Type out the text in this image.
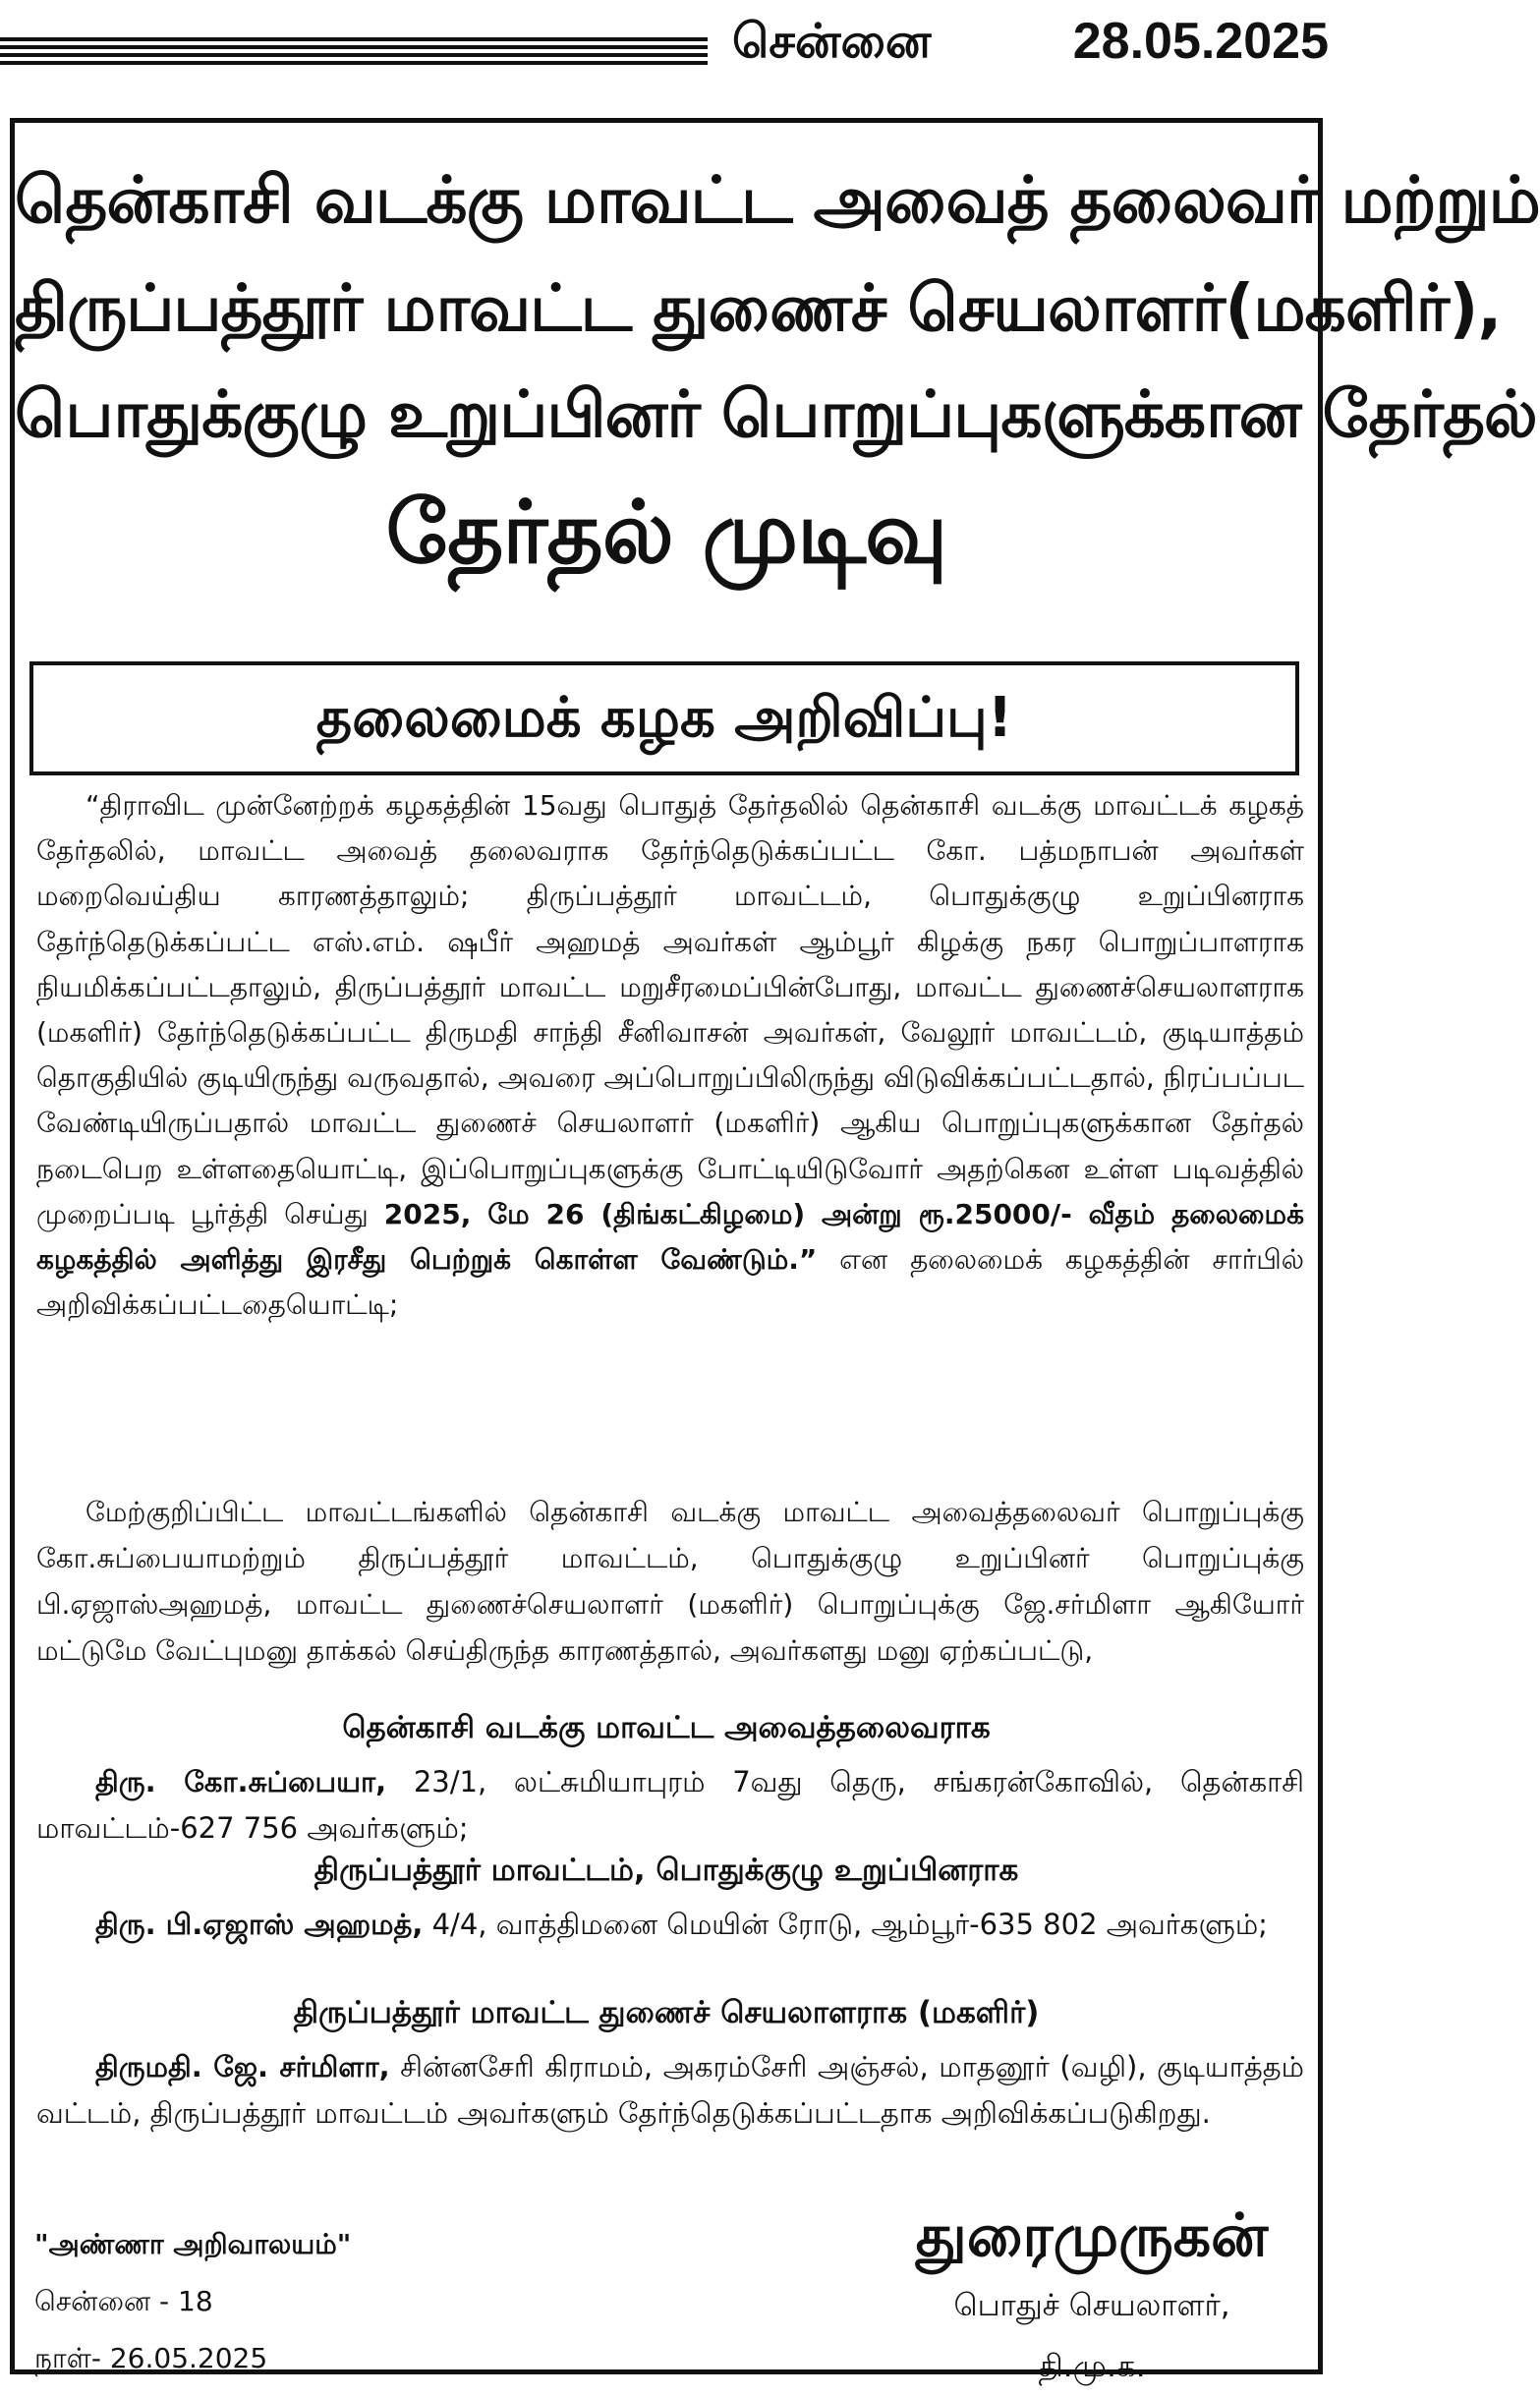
சென்னை	28.05.2025
தென்காசி வடக்கு மாவட்ட அவைத் தலைவர் மற்றும்
திருப்பத்தூர் மாவட்ட துணைச் செயலாளர்(மகளிர்),
பொதுக்குழு உறுப்பினர் பொறுப்புகளுக்கான தேர்தல்
தேர்தல் முடிவு
தலைமைக் கழக அறிவிப்பு!
“திராவிட முன்னேற்றக் கழகத்தின் 15வது பொதுத் தேர்தலில் தென்காசி வடக்கு மாவட்டக் கழகத் தேர்தலில், மாவட்ட அவைத் தலைவராக தேர்ந்தெடுக்கப்பட்ட கோ. பத்மநாபன் அவர்கள் மறைவெய்திய காரணத்தாலும்; திருப்பத்தூர் மாவட்டம், பொதுக்குழு உறுப்பினராக தேர்ந்தெடுக்கப்பட்ட எஸ்.எம். ஷபீர் அஹமத் அவர்கள் ஆம்பூர் கிழக்கு நகர பொறுப்பாளராக நியமிக்கப்பட்டதாலும், திருப்பத்தூர் மாவட்ட மறுசீரமைப்பின்போது, மாவட்ட துணைச்செயலாளராக (மகளிர்) தேர்ந்தெடுக்கப்பட்ட திருமதி சாந்தி சீனிவாசன் அவர்கள், வேலூர் மாவட்டம், குடியாத்தம் தொகுதியில் குடியிருந்து வருவதால், அவரை அப்பொறுப்பிலிருந்து விடுவிக்கப்பட்டதால், நிரப்பப்பட வேண்டியிருப்பதால் மாவட்ட துணைச் செயலாளர் (மகளிர்) ஆகிய பொறுப்புகளுக்கான தேர்தல் நடைபெற உள்ளதையொட்டி, இப்பொறுப்புகளுக்கு போட்டியிடுவோர் அதற்கென உள்ள படிவத்தில் முறைப்படி பூர்த்தி செய்து 2025, மே 26 (திங்கட்கிழமை) அன்று ரூ.25000/- வீதம் தலைமைக் கழகத்தில் அளித்து இரசீது பெற்றுக் கொள்ள வேண்டும்.” என தலைமைக் கழகத்தின் சார்பில் அறிவிக்கப்பட்டதையொட்டி;
மேற்குறிப்பிட்ட மாவட்டங்களில் தென்காசி வடக்கு மாவட்ட அவைத்தலைவர் பொறுப்புக்கு கோ.சுப்பையாமற்றும் திருப்பத்தூர் மாவட்டம், பொதுக்குழு உறுப்பினர் பொறுப்புக்கு பி.ஏஜாஸ்அஹமத், மாவட்ட துணைச்செயலாளர் (மகளிர்) பொறுப்புக்கு ஜே.சர்மிளா ஆகியோர் மட்டுமே வேட்புமனு தாக்கல் செய்திருந்த காரணத்தால், அவர்களது மனு ஏற்கப்பட்டு,
தென்காசி வடக்கு மாவட்ட அவைத்தலைவராக
திரு. கோ.சுப்பையா, 23/1, லட்சுமியாபுரம் 7வது தெரு, சங்கரன்கோவில், தென்காசி மாவட்டம்-627 756 அவர்களும்;
திருப்பத்தூர் மாவட்டம், பொதுக்குழு உறுப்பினராக
திரு. பி.ஏஜாஸ் அஹமத், 4/4, வாத்திமனை மெயின் ரோடு, ஆம்பூர்-635 802 அவர்களும்;
திருப்பத்தூர் மாவட்ட துணைச் செயலாளராக (மகளிர்)
திருமதி. ஜே. சர்மிளா, சின்னசேரி கிராமம், அகரம்சேரி அஞ்சல், மாதனூர் (வழி), குடியாத்தம் வட்டம், திருப்பத்தூர் மாவட்டம் அவர்களும் தேர்ந்தெடுக்கப்பட்டதாக அறிவிக்கப்படுகிறது.
"அண்ணா அறிவாலயம்"
சென்னை - 18
நாள்- 26.05.2025
துரைமுருகன்
பொதுச் செயலாளர்,
தி.மு.க.
